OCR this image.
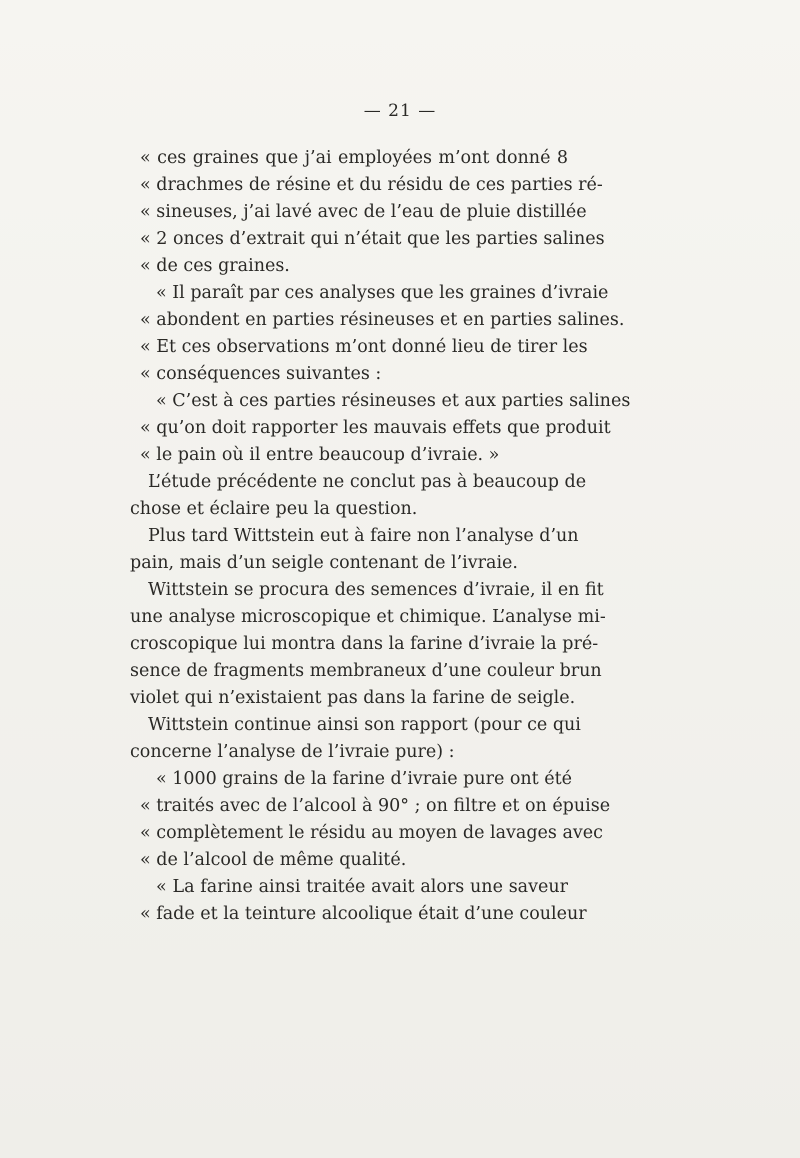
— 21 —
« ces graines que j’ai employées m’ont donné 8
« drachmes de résine et du résidu de ces parties ré-
« sineuses, j’ai lavé avec de l’eau de pluie distillée
« 2 onces d’extrait qui n’était que les parties salines
« de ces graines.
« Il paraît par ces analyses que les graines d’ivraie
« abondent en parties résineuses et en parties salines.
« Et ces observations m’ont donné lieu de tirer les
« conséquences suivantes :
« C’est à ces parties résineuses et aux parties salines
« qu’on doit rapporter les mauvais effets que produit
« le pain où il entre beaucoup d’ivraie. »
L’étude précédente ne conclut pas à beaucoup de
chose et éclaire peu la question.
Plus tard Wittstein eut à faire non l’analyse d’un
pain, mais d’un seigle contenant de l’ivraie.
Wittstein se procura des semences d’ivraie, il en fit
une analyse microscopique et chimique. L’analyse mi-
croscopique lui montra dans la farine d’ivraie la pré-
sence de fragments membraneux d’une couleur brun
violet qui n’existaient pas dans la farine de seigle.
Wittstein continue ainsi son rapport (pour ce qui
concerne l’analyse de l’ivraie pure) :
« 1000 grains de la farine d’ivraie pure ont été
« traités avec de l’alcool à 90° ; on filtre et on épuise
« complètement le résidu au moyen de lavages avec
« de l’alcool de même qualité.
« La farine ainsi traitée avait alors une saveur
« fade et la teinture alcoolique était d’une couleur
